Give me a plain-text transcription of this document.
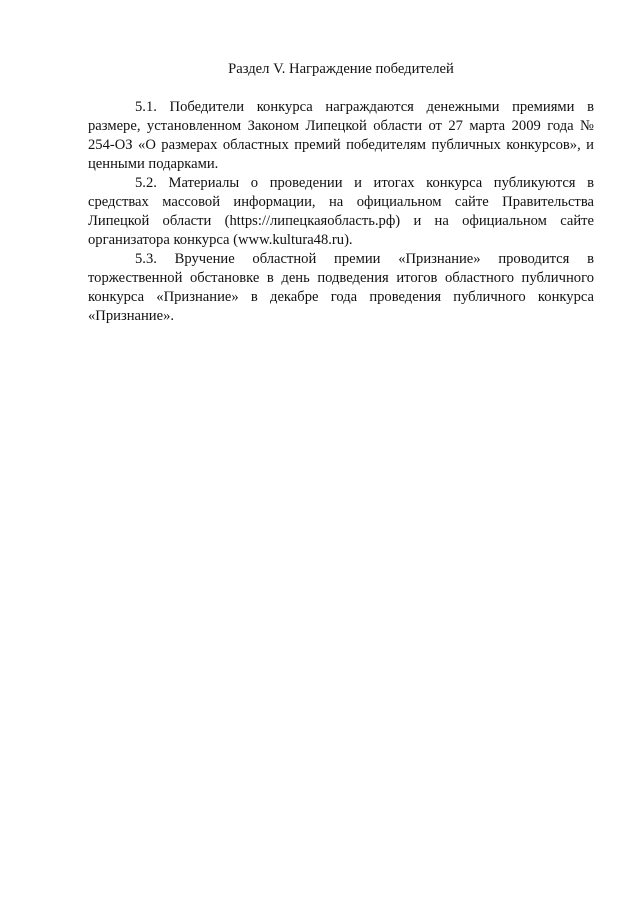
Раздел V. Награждение победителей

5.1. Победители конкурса награждаются денежными премиями в размере, установленном Законом Липецкой области от 27 марта 2009 года № 254-ОЗ «О размерах областных премий победителям публичных конкурсов», и ценными подарками.

5.2. Материалы о проведении и итогах конкурса публикуются в средствах массовой информации, на официальном сайте Правительства Липецкой области (https://липецкаяобласть.рф) и на официальном сайте организатора конкурса (www.kultura48.ru).

5.3. Вручение областной премии «Признание» проводится в торжественной обстановке в день подведения итогов областного публичного конкурса «Признание» в декабре года проведения публичного конкурса «Признание».
